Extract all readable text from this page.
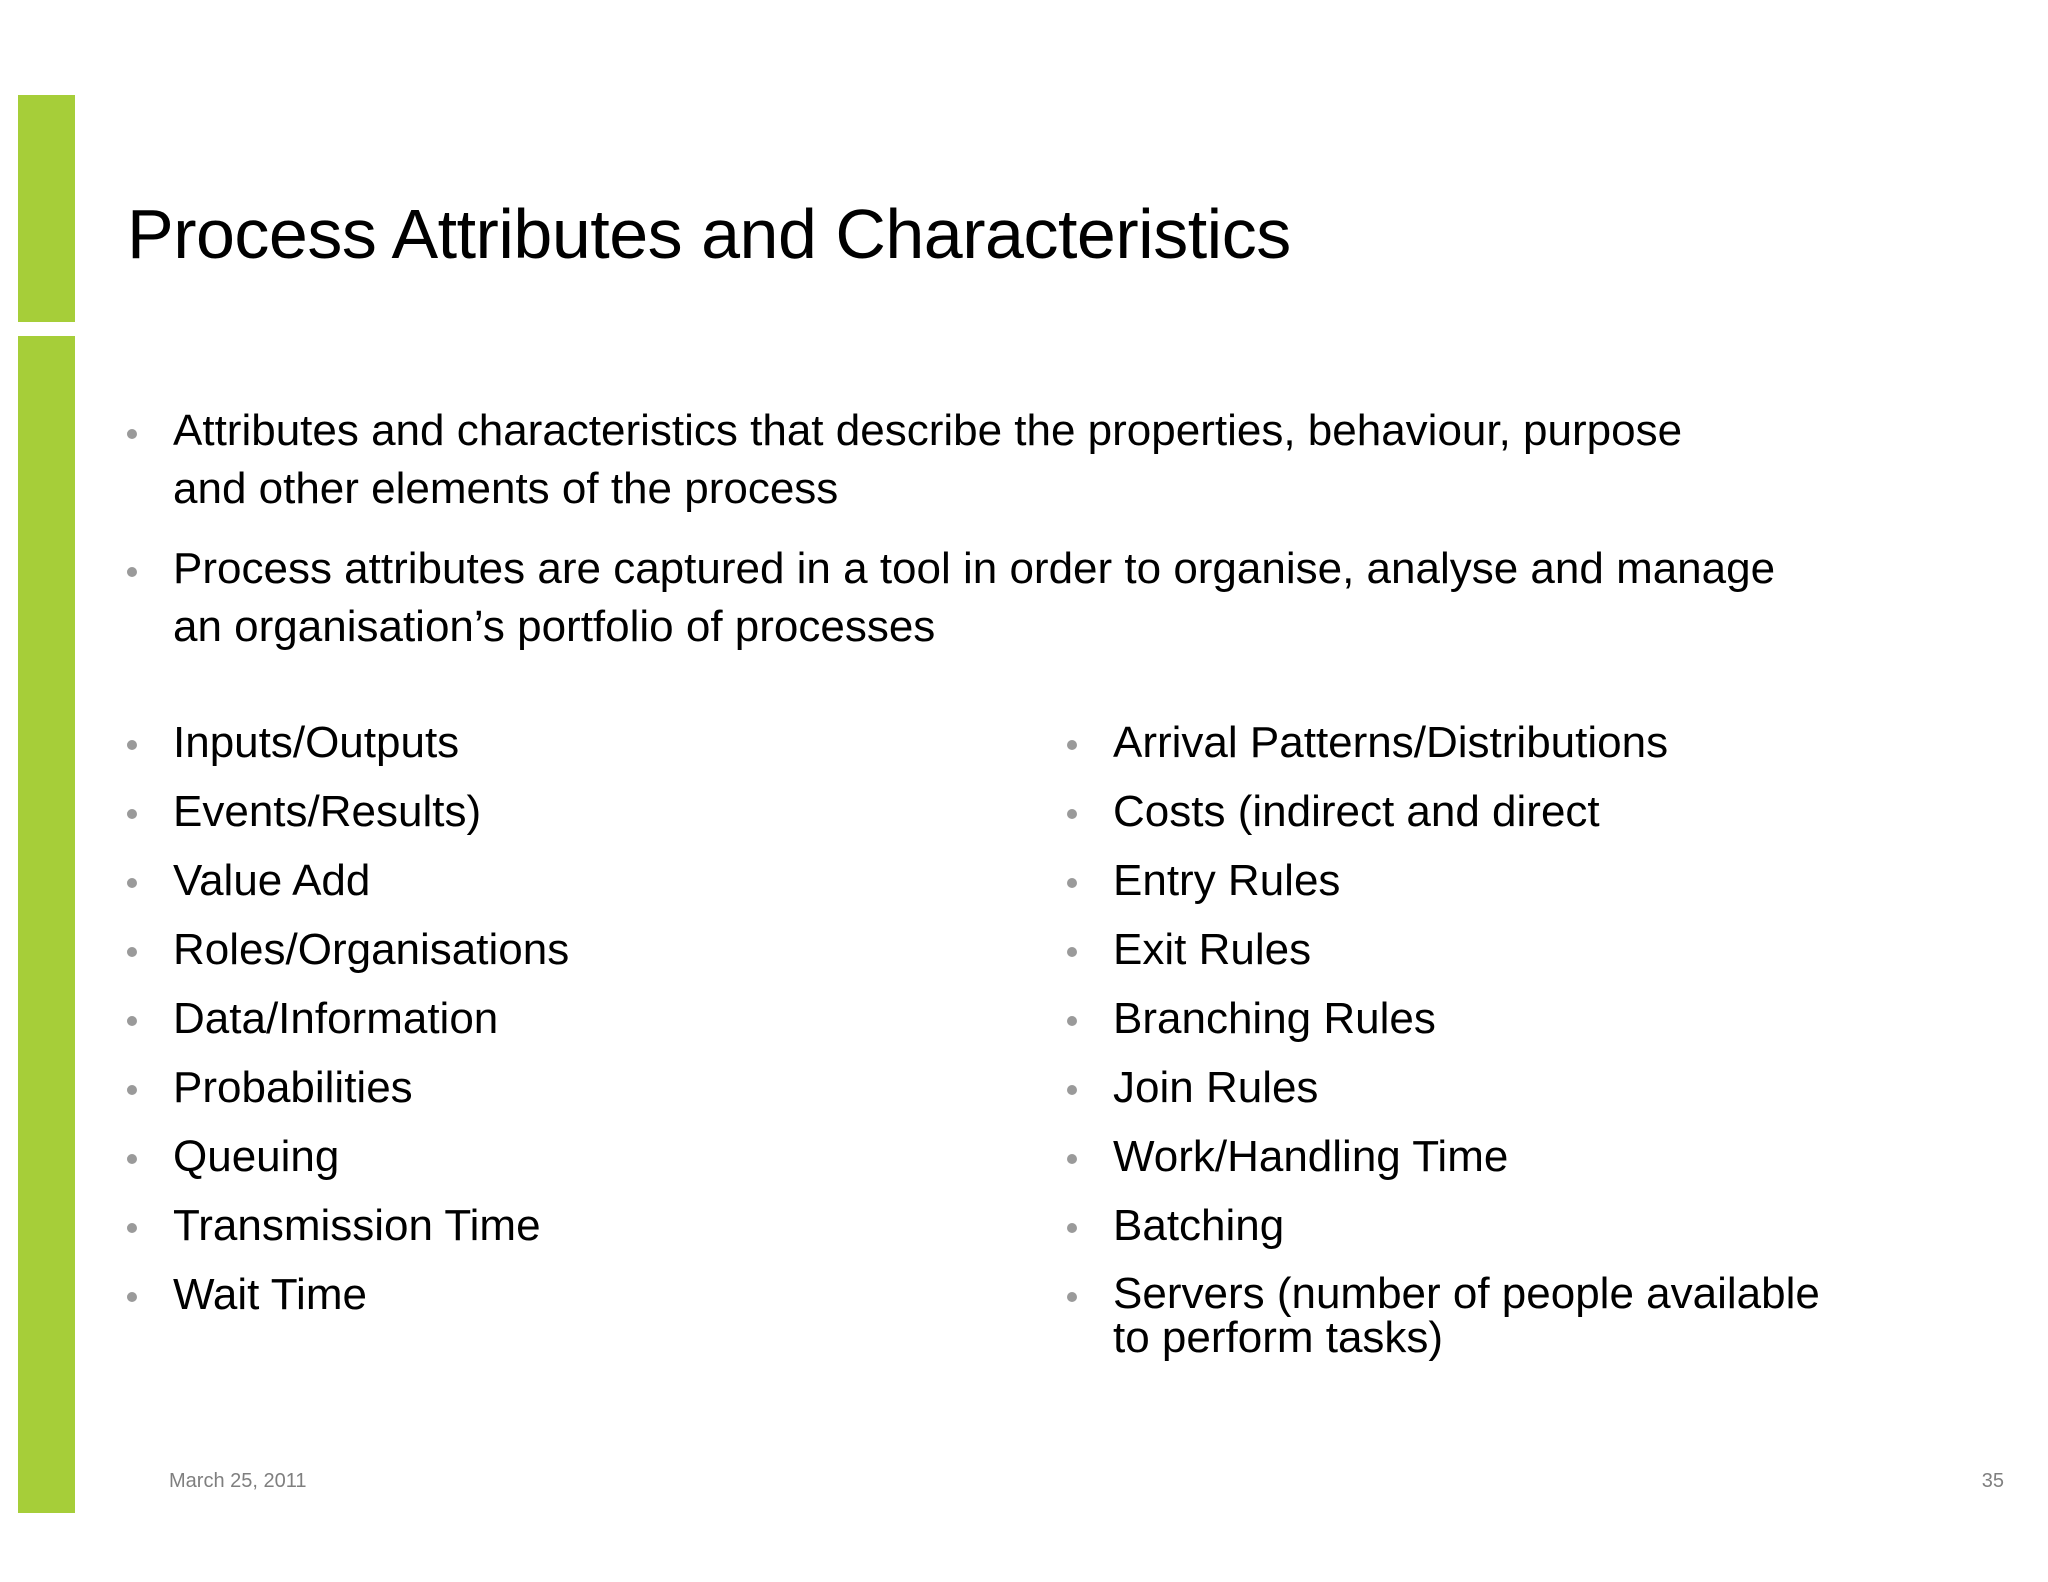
Process Attributes and Characteristics
Attributes and characteristics that describe the properties, behaviour, purpose
and other elements of the process
Process attributes are captured in a tool in order to organise, analyse and manage
an organisation’s portfolio of processes
Inputs/Outputs
Events/Results)
Value Add
Roles/Organisations
Data/Information
Probabilities
Queuing
Transmission Time
Wait Time
Arrival Patterns/Distributions
Costs (indirect and direct
Entry Rules
Exit Rules
Branching Rules
Join Rules
Work/Handling Time
Batching
Servers (number of people available
to perform tasks)
March 25, 2011	35
